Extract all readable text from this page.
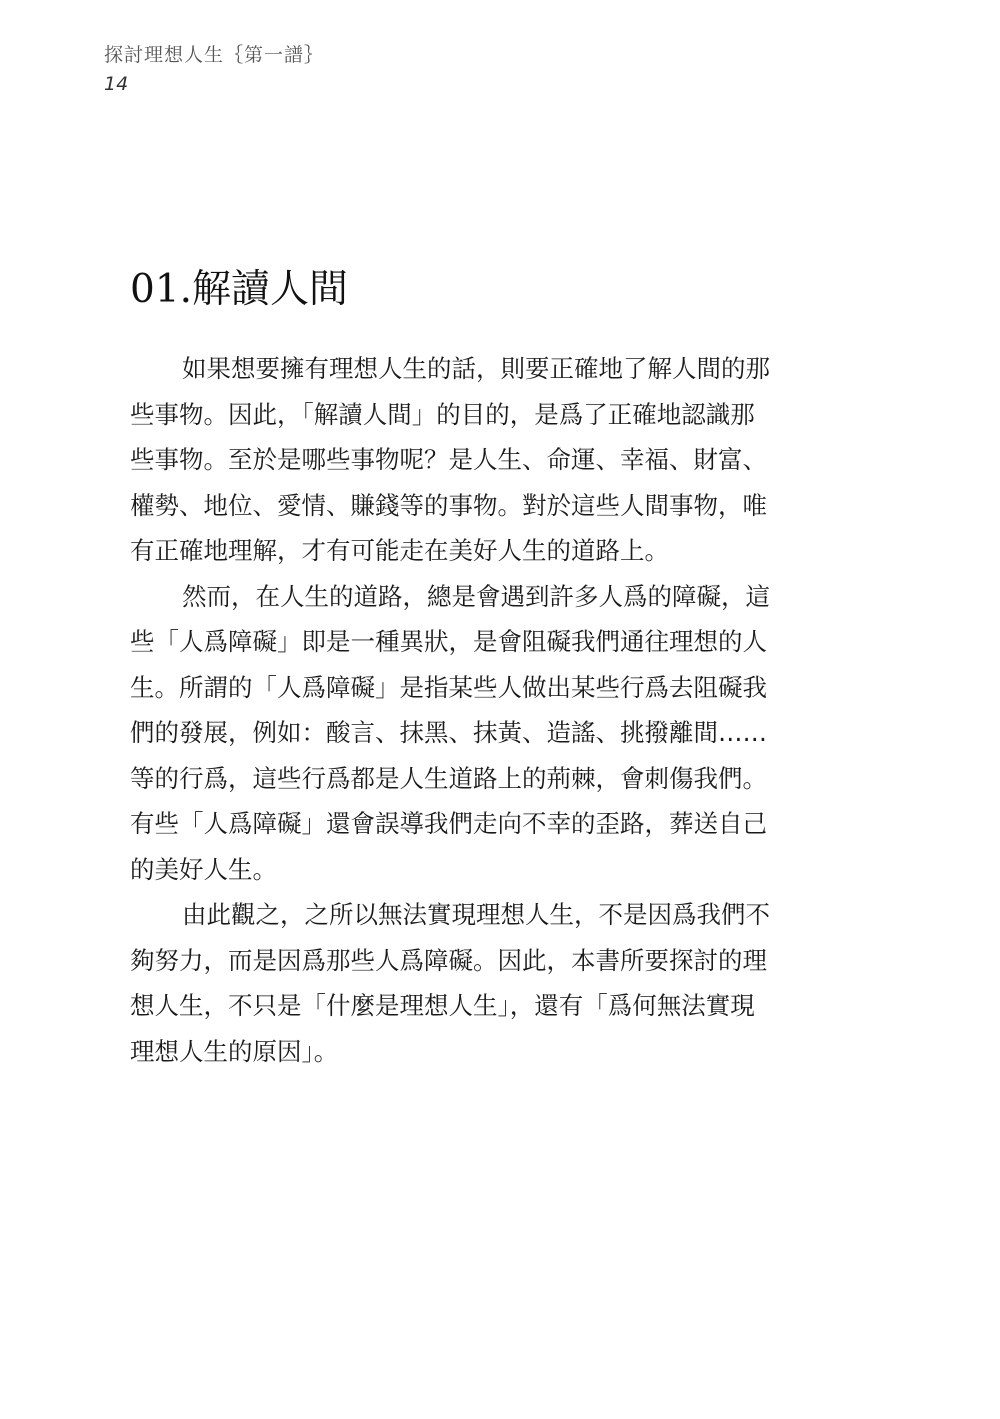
探討理想人生｛第一譜｝
14
01.解讀人間
如果想要擁有理想人生的話，則要正確地了解人間的那
些事物。因此，「解讀人間」的目的，是爲了正確地認識那
些事物。至於是哪些事物呢？是人生、命運、幸福、財富、
權勢、地位、愛情、賺錢等的事物。對於這些人間事物，唯
有正確地理解，才有可能走在美好人生的道路上。
然而，在人生的道路，總是會遇到許多人爲的障礙，這
些「人爲障礙」即是一種異狀，是會阻礙我們通往理想的人
生。所謂的「人爲障礙」是指某些人做出某些行爲去阻礙我
們的發展，例如：酸言、抹黑、抹黃、造謠、挑撥離間……
等的行爲，這些行爲都是人生道路上的荊棘，會刺傷我們。
有些「人爲障礙」還會誤導我們走向不幸的歪路，葬送自己
的美好人生。
由此觀之，之所以無法實現理想人生，不是因爲我們不
夠努力，而是因爲那些人爲障礙。因此，本書所要探討的理
想人生，不只是「什麼是理想人生」，還有「爲何無法實現
理想人生的原因」。
